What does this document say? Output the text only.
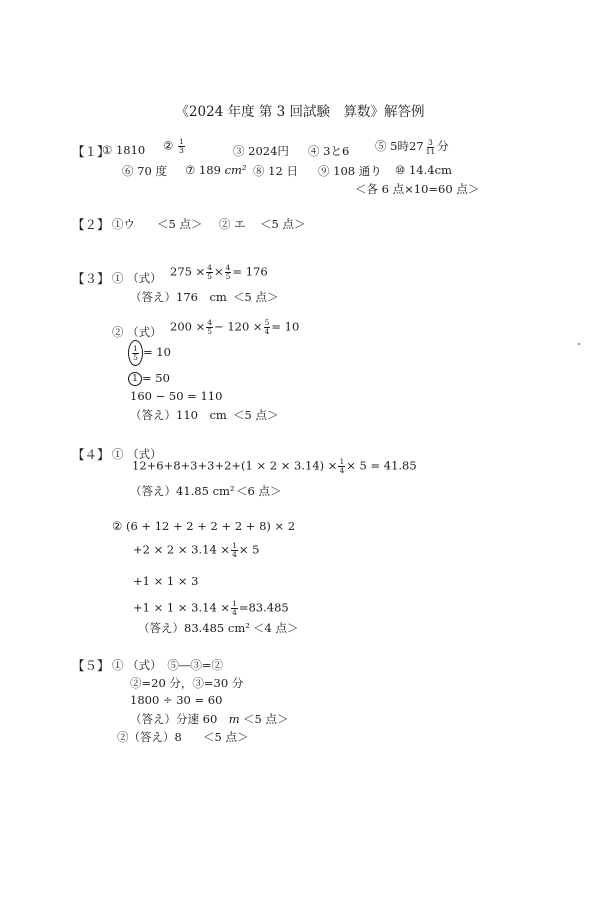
《2024 年度 第 3 回試験　算数》解答例
【１】
① 1810 ② $\frac{1}{3}$	③ 2024円 ④ 3と6 ⑤ 5時$27 \frac{3}{11}$ 分
⑥ 70 度 ⑦ 189 cm² ⑧ 12 日 ⑨ 108 通り ⑩ 14.4cm
＜各 6 点×10=60 点＞
【２】 ①ウ ＜5 点＞ ② エ ＜5 点＞
【３】 ① （式） $275 \times \frac{4}{5} \times \frac{4}{5} = 176$
（答え）176　cm ＜5 点＞
② （式） $200 \times \frac{4}{5} - 120 \times \frac{5}{4} = 10$
$\frac{1}{5} = 10$
1 = 50
160 − 50 = 110
（答え）110　cm ＜5 点＞
【４】 ① （式）
$12+6+8+3+3+2+(1 \times 2 \times 3.14) \times \frac{1}{4} \times 5 = 41.85$
（答え）41.85 cm² ＜6 点＞
② (6 + 12 + 2 + 2 + 2 + 8) × 2
$+2 \times 2 \times 3.14 \times \frac{1}{4} \times 5$
+1 × 1 × 3
$+1 \times 1 \times 3.14 \times \frac{1}{4} =83.485$
（答え）83.485 cm² ＜4 点＞
【５】 ① （式）　⑤―③=②
②=20 分，③=30 分
1800 ÷ 30 = 60
（答え）分速 60　 m ＜5 点＞
②（答え）8 ＜5 点＞
